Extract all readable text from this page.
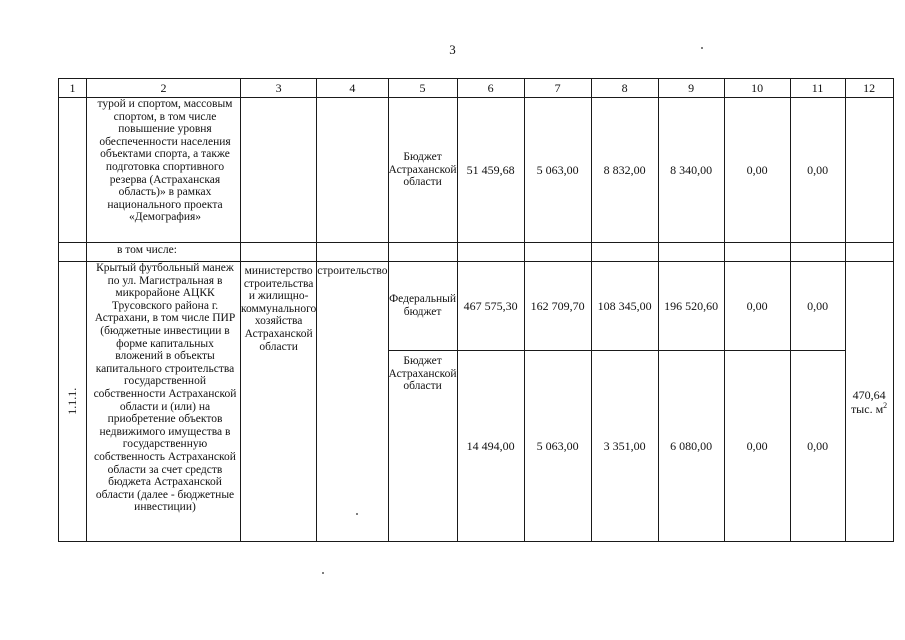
3
1	2	3	4	5	6	7	8	9	10	11	12
	турой и спортом, массовым спортом, в том числе повышение уровня обеспеченности населения объектами спорта, а также подготовка спортивного резерва (Астраханская область)» в рамках национального проекта «Демография»			Бюджет Астраханской области	51 459,68	5 063,00	8 832,00	8 340,00	0,00	0,00	
	в том числе:										
1.1.1.	Крытый футбольный манеж по ул. Магистральная в микрорайоне АЦКК Трусовского района г. Астрахани, в том числе ПИР (бюджетные инвестиции в форме капитальных вложений в объекты капитального строительства государственной собственности Астраханской области и (или) на приобретение объектов недвижимого имущества в государственную собственность Астраханской области за счет средств бюджета Астраханской области (далее - бюджетные инвестиции)	министерство строительства и жилищно-коммунального хозяйства Астраханской области	строительство	Федеральный бюджет	467 575,30	162 709,70	108 345,00	196 520,60	0,00	0,00	470,64
тыс. $м^2$
				Бюджет Астраханской области	14 494,00	5 063,00	3 351,00	6 080,00	0,00	0,00	
